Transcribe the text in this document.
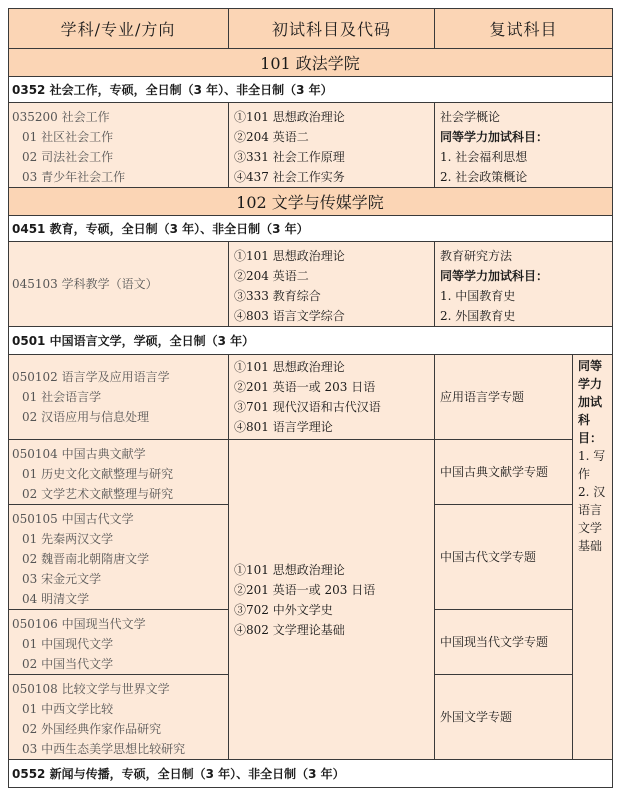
学科/专业/方向	初试科目及代码	复试科目
101 政法学院
0352 社会工作，专硕，全日制（3 年）、非全日制（3 年）
035200 社会工作
01 社区社会工作
02 司法社会工作
03 青少年社会工作
①101 思想政治理论
②204 英语二
③331 社会工作原理
④437 社会工作实务
社会学概论
同等学力加试科目：
1. 社会福利思想
2. 社会政策概论
102 文学与传媒学院
0451 教育，专硕，全日制（3 年）、非全日制（3 年）
045103 学科教学（语文）
①101 思想政治理论
②204 英语二
③333 教育综合
④803 语言文学综合
教育研究方法
同等学力加试科目：
1. 中国教育史
2. 外国教育史
0501 中国语言文学，学硕，全日制（3 年）
050102 语言学及应用语言学
01 社会语言学
02 汉语应用与信息处理
050104 中国古典文献学
01 历史文化文献整理与研究
02 文学艺术文献整理与研究
050105 中国古代文学
01 先秦两汉文学
02 魏晋南北朝隋唐文学
03 宋金元文学
04 明清文学
050106 中国现当代文学
01 中国现代文学
02 中国当代文学
050108 比较文学与世界文学
01 中西文学比较
02 外国经典作家作品研究
03 中西生态美学思想比较研究
①101 思想政治理论
②201 英语一或 203 日语
③701 现代汉语和古代汉语
④801 语言学理论
①101 思想政治理论
②201 英语一或 203 日语
③702 中外文学史
④802 文学理论基础
应用语言学专题
中国古典文献学专题
中国古代文学专题
中国现当代文学专题
外国文学专题
同等学力加试科目：
1. 写作
2. 汉语言文学基础
0552 新闻与传播，专硕，全日制（3 年）、非全日制（3 年）
